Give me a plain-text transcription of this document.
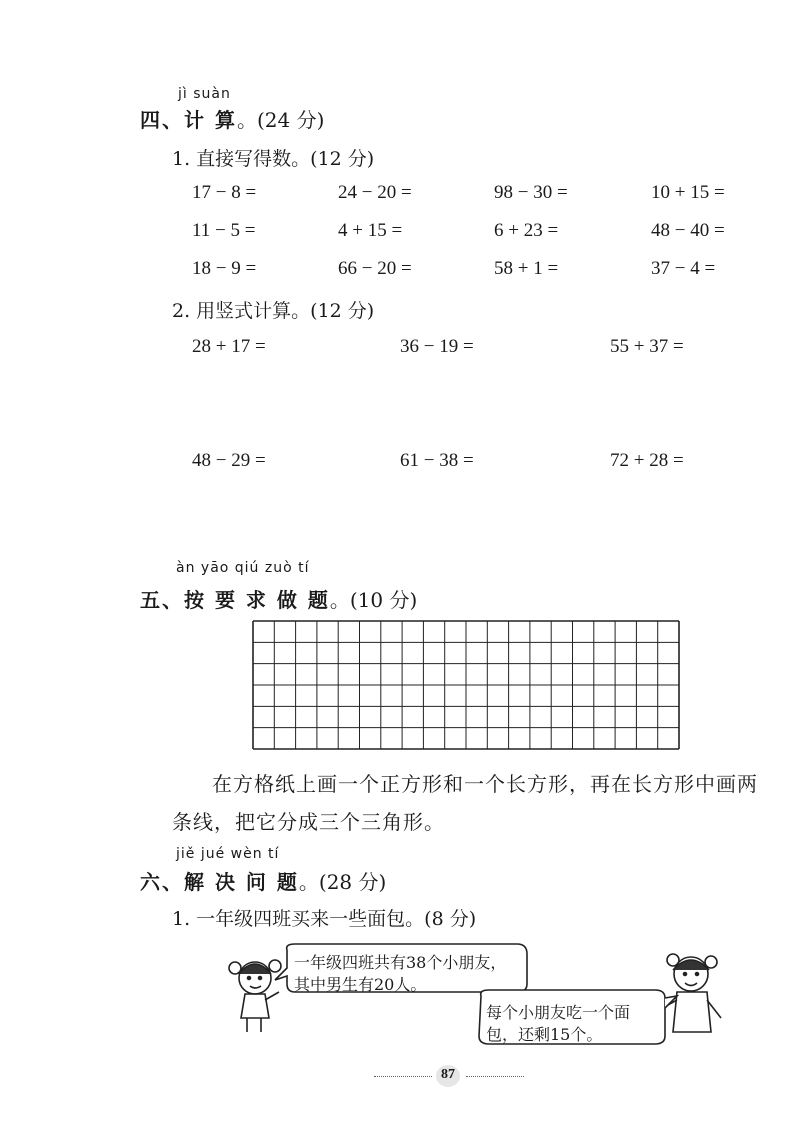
jì suàn
四、计 算。(24 分)
1. 直接写得数。(12 分)
17 − 8 =	24 − 20 =	98 − 30 =	10 + 15 =
11 − 5 =	4 + 15 =	6 + 23 =	48 − 40 =
18 − 9 =	66 − 20 =	58 + 1 =	37 − 4 =
2. 用竖式计算。(12 分)
28 + 17 =	36 − 19 =	55 + 37 =
48 − 29 =	61 − 38 =	72 + 28 =
àn yāo qiú zuò tí
五、按 要 求 做 题。(10 分)
在方格纸上画一个正方形和一个长方形，再在长方形中画两
条线，把它分成三个三角形。
jiě jué wèn tí
六、解 决 问 题。(28 分)
1. 一年级四班买来一些面包。(8 分)
一年级四班共有38个小朋友，
其中男生有20人。
每个小朋友吃一个面
包，还剩15个。
87
